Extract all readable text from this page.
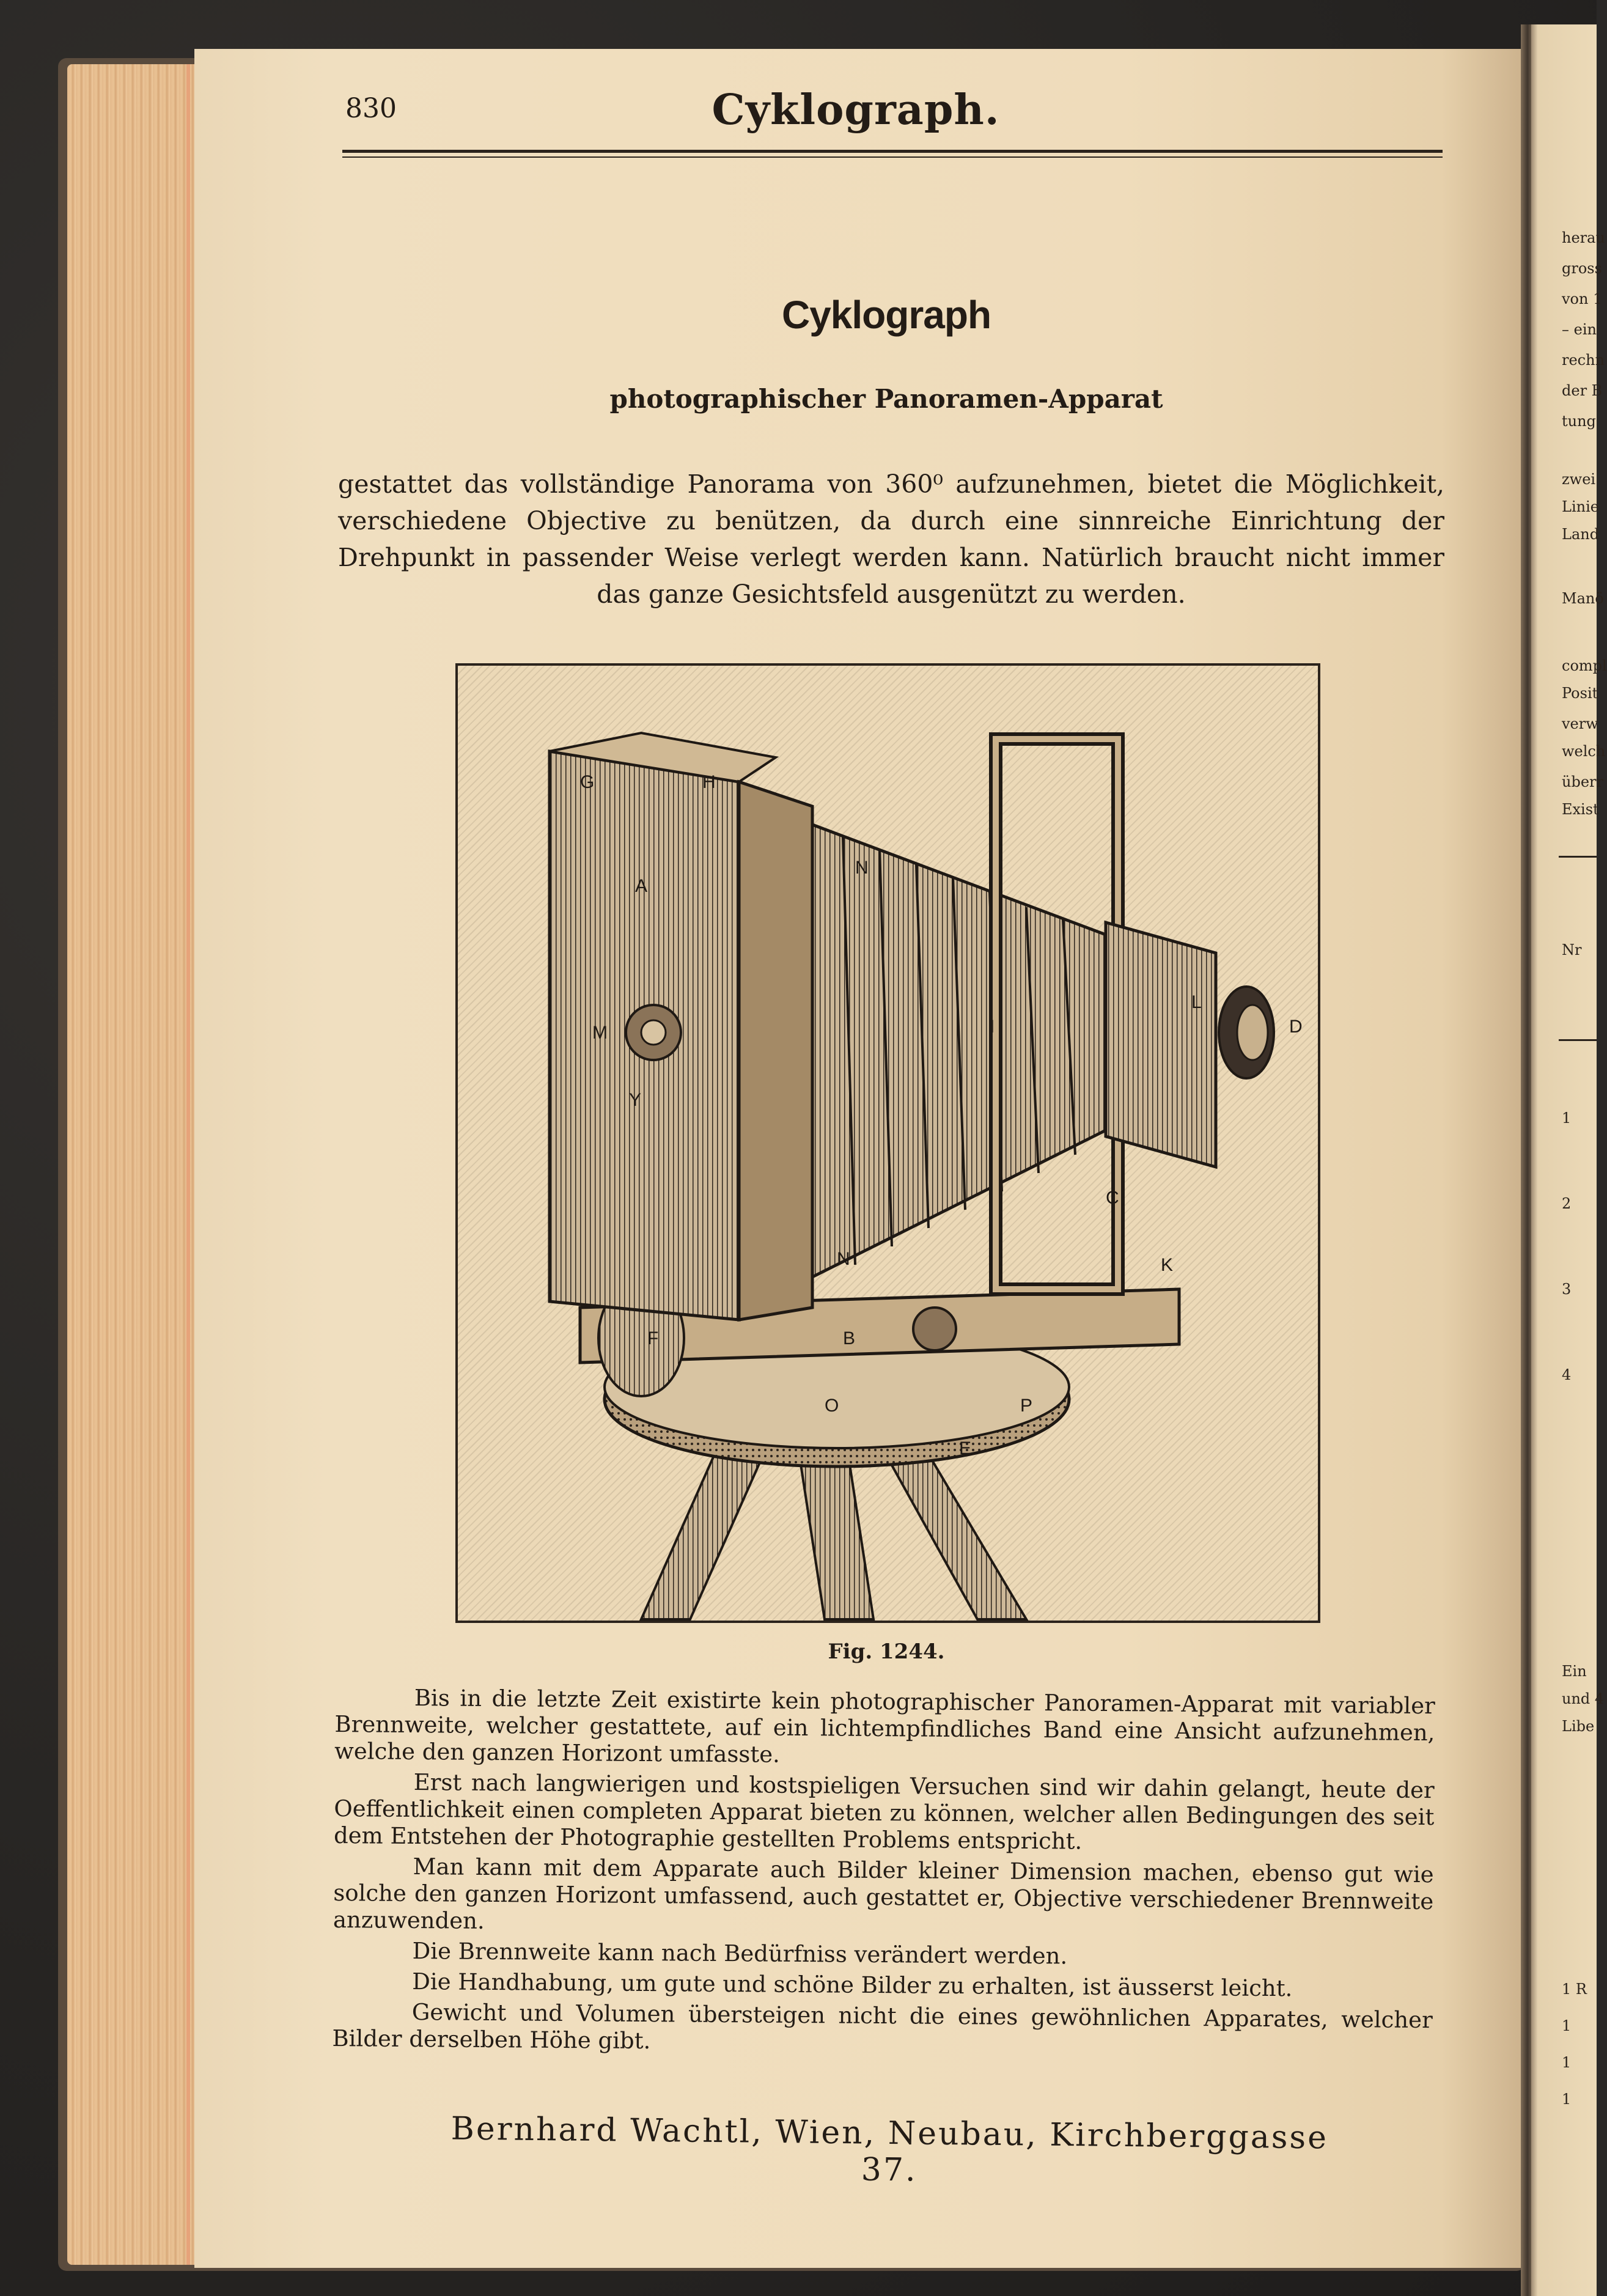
830	Cyklograph.
Cyklograph
photographischer Panoramen-Apparat
gestattet das vollständige Panorama von 360⁰ aufzunehmen, bietet die Möglichkeit, verschiedene Objective zu benützen, da durch eine sinnreiche Einrichtung der Drehpunkt in passender Weise verlegt werden kann. Natürlich braucht nicht immer das ganze Gesichtsfeld ausgenützt zu werden.
G	H
A
N
I
L
D
M
Y
C
K
N
F	B
O	P
E
Fig. 1244.

Bis in die letzte Zeit existirte kein photographischer Panoramen-Apparat mit variabler Brennweite, welcher gestattete, auf ein lichtempfindliches Band eine Ansicht aufzunehmen, welche den ganzen Horizont umfasste.

Erst nach langwierigen und kostspieligen Versuchen sind wir dahin gelangt, heute der Oeffentlichkeit einen completen Apparat bieten zu können, welcher allen Bedingungen des seit dem Entstehen der Photographie gestellten Problems entspricht.

Man kann mit dem Apparate auch Bilder kleiner Dimension machen, ebenso gut wie solche den ganzen Horizont umfassend, auch gestattet er, Objective verschiedener Brennweite anzuwenden.

Die Brennweite kann nach Bedürfniss verändert werden.

Die Handhabung, um gute und schöne Bilder zu erhalten, ist äusserst leicht.

Gewicht und Volumen übersteigen nicht die eines gewöhnlichen Apparates, welcher Bilder derselben Höhe gibt.

Bernhard Wachtl, Wien, Neubau, Kirchberggasse 37.
herau
gross
von 1
– ein
rechn
der B
tung
zwei
Linie
Land
Manö
compl
Posit
verw
welch
überr
Exist
Nr
1
2
3
4
Ein
und 4
Libe
1 R
1
1
1
